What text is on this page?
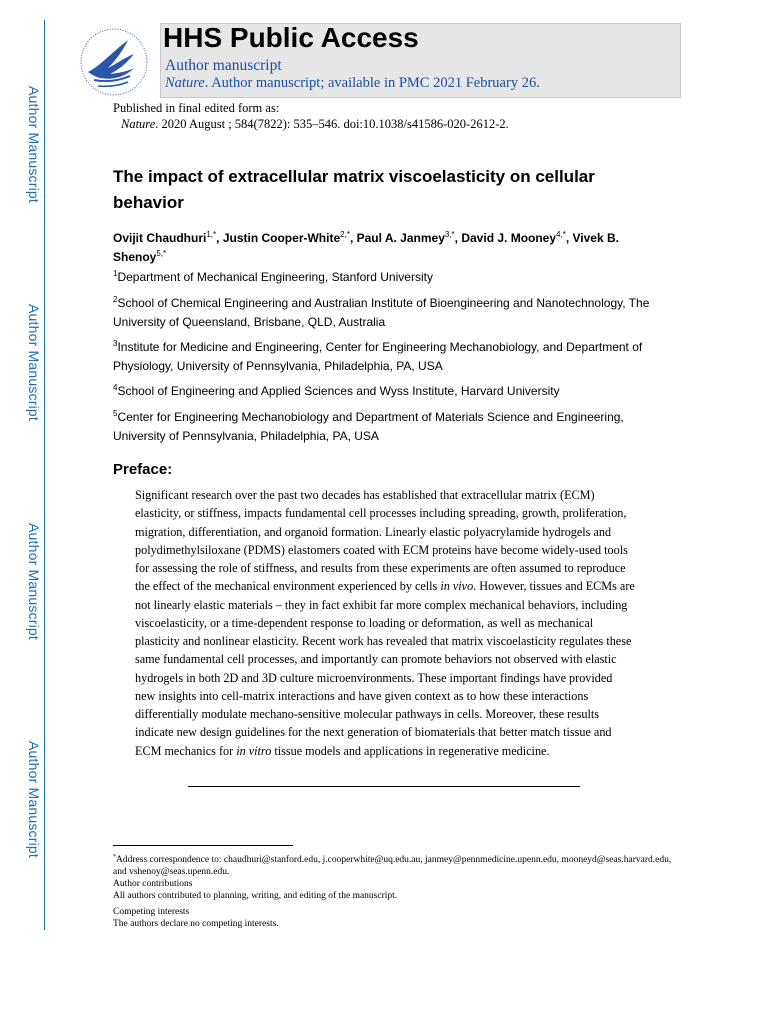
Author Manuscript
Author Manuscript
Author Manuscript
Author Manuscript
HHS Public Access
Author manuscript
Nature. Author manuscript; available in PMC 2021 February 26.
Published in final edited form as:
Nature. 2020 August ; 584(7822): 535–546. doi:10.1038/s41586-020-2612-2.
The impact of extracellular matrix viscoelasticity on cellular
behavior
Ovijit Chaudhuri$^{1,*}$, Justin Cooper-White$^{2,*}$, Paul A. Janmey$^{3,*}$, David J. Mooney$^{4,*}$, Vivek B. Shenoy$^{5,*}$
$^1$Department of Mechanical Engineering, Stanford University
$^2$School of Chemical Engineering and Australian Institute of Bioengineering and Nanotechnology, The University of Queensland, Brisbane, QLD, Australia
$^3$Institute for Medicine and Engineering, Center for Engineering Mechanobiology, and Department of Physiology, University of Pennsylvania, Philadelphia, PA, USA
$^4$School of Engineering and Applied Sciences and Wyss Institute, Harvard University
$^5$Center for Engineering Mechanobiology and Department of Materials Science and Engineering, University of Pennsylvania, Philadelphia, PA, USA
Preface:
Significant research over the past two decades has established that extracellular matrix (ECM) elasticity, or stiffness, impacts fundamental cell processes including spreading, growth, proliferation, migration, differentiation, and organoid formation. Linearly elastic polyacrylamide hydrogels and polydimethylsiloxane (PDMS) elastomers coated with ECM proteins have become widely-used tools for assessing the role of stiffness, and results from these experiments are often assumed to reproduce the effect of the mechanical environment experienced by cells in vivo. However, tissues and ECMs are not linearly elastic materials – they in fact exhibit far more complex mechanical behaviors, including viscoelasticity, or a time-dependent response to loading or deformation, as well as mechanical plasticity and nonlinear elasticity. Recent work has revealed that matrix viscoelasticity regulates these same fundamental cell processes, and importantly can promote behaviors not observed with elastic hydrogels in both 2D and 3D culture microenvironments. These important findings have provided new insights into cell-matrix interactions and have given context as to how these interactions differentially modulate mechano-sensitive molecular pathways in cells. Moreover, these results indicate new design guidelines for the next generation of biomaterials that better match tissue and ECM mechanics for in vitro tissue models and applications in regenerative medicine.
*Address correspondence to: chaudhuri@stanford.edu, j.cooperwhite@uq.edu.au, janmey@pennmedicine.upenn.edu, mooneyd@seas.harvard.edu, and vshenoy@seas.upenn.edu.
Author contributions
All authors contributed to planning, writing, and editing of the manuscript.
Competing interests
The authors declare no competing interests.
